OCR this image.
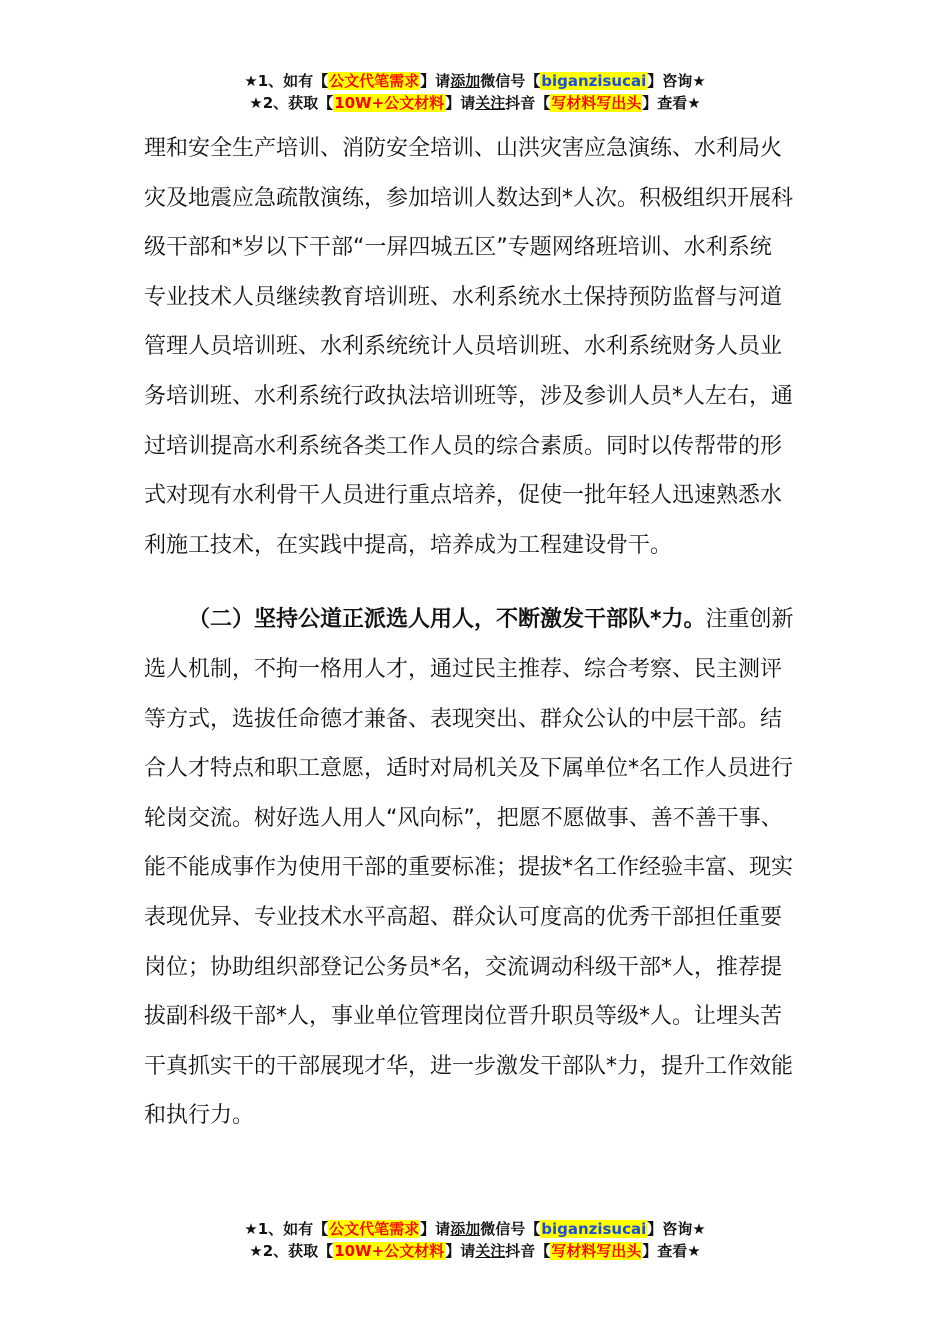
★1、如有【公文代笔需求】请添加微信号【biganzisucai】咨询★
★2、获取【10W+公文材料】请关注抖音【写材料写出头】查看★

理和安全生产培训、消防安全培训、山洪灾害应急演练、水利局火
灾及地震应急疏散演练，参加培训人数达到*人次。积极组织开展科
级干部和*岁以下干部“一屏四城五区”专题网络班培训、水利系统
专业技术人员继续教育培训班、水利系统水土保持预防监督与河道
管理人员培训班、水利系统统计人员培训班、水利系统财务人员业
务培训班、水利系统行政执法培训班等，涉及参训人员*人左右，通
过培训提高水利系统各类工作人员的综合素质。同时以传帮带的形
式对现有水利骨干人员进行重点培养，促使一批年轻人迅速熟悉水
利施工技术，在实践中提高，培养成为工程建设骨干。

（二）坚持公道正派选人用人，不断激发干部队*力。注重创新
选人机制，不拘一格用人才，通过民主推荐、综合考察、民主测评
等方式，选拔任命德才兼备、表现突出、群众公认的中层干部。结
合人才特点和职工意愿，适时对局机关及下属单位*名工作人员进行
轮岗交流。树好选人用人“风向标”，把愿不愿做事、善不善干事、
能不能成事作为使用干部的重要标准；提拔*名工作经验丰富、现实
表现优异、专业技术水平高超、群众认可度高的优秀干部担任重要
岗位；协助组织部登记公务员*名，交流调动科级干部*人，推荐提
拔副科级干部*人，事业单位管理岗位晋升职员等级*人。让埋头苦
干真抓实干的干部展现才华，进一步激发干部队*力，提升工作效能
和执行力。

★1、如有【公文代笔需求】请添加微信号【biganzisucai】咨询★
★2、获取【10W+公文材料】请关注抖音【写材料写出头】查看★
